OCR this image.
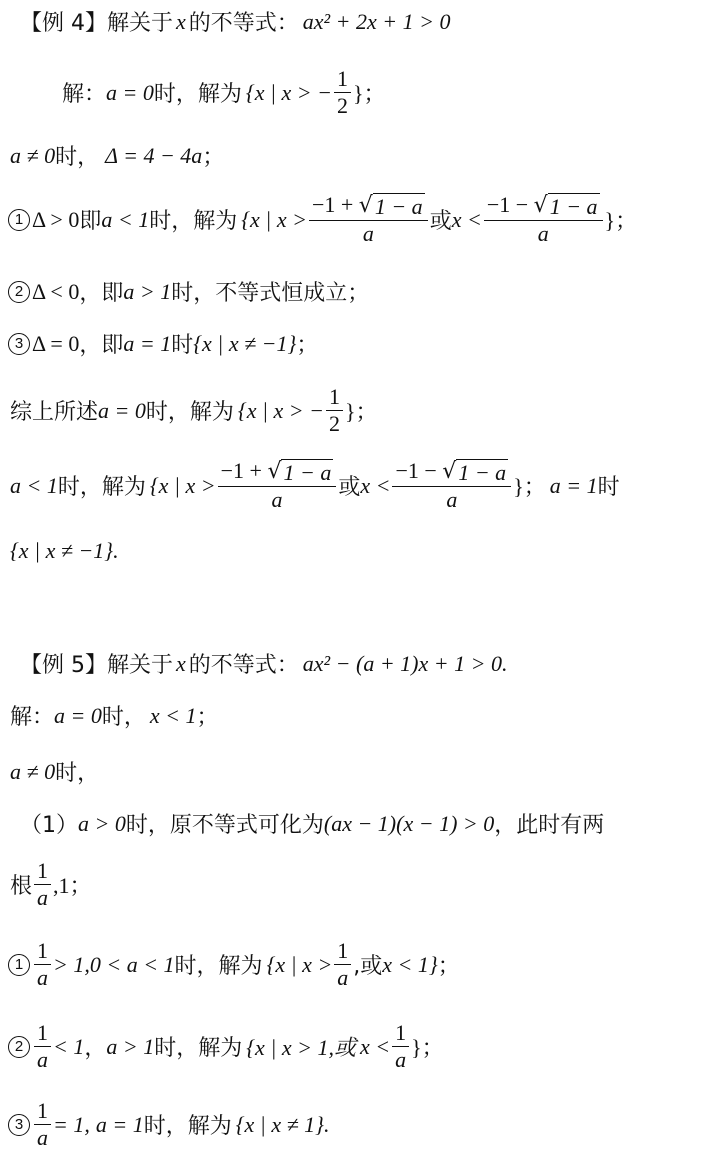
【例 4】解关于 x 的不等式： ax² + 2x + 1 > 0
解： a = 0 时，解为 {x | x > − $\frac{1}{2}$ }；
a ≠ 0 时， Δ = 4 − 4a ；
1 Δ > 0 即 a < 1 时，解为 {x | $x > \frac{-1 + √ 1 - a}{a}$ 或 $x < \frac{-1 - √ 1 - a}{a}$ }；
2 Δ < 0 ，即 a > 1 时，不等式恒成立；
3 Δ = 0 ，即 a = 1 时 {x | x ≠ −1} ；
综上所述 a = 0 时，解为 {x | x > − $\frac{1}{2}$ }；
a < 1 时，解为 {x | $x > \frac{-1 + √ 1 - a}{a}$ 或 $x < \frac{-1 - √ 1 - a}{a}$ }； a = 1 时
{x | x ≠ −1}.
【例 5】解关于 x 的不等式： ax² − (a + 1)x + 1 > 0.
解： a = 0 时， x < 1 ；
a ≠ 0 时，
（1） a > 0 时，原不等式可化为 (ax − 1)(x − 1) > 0 ，此时有两
根 $\frac{1}{a} ,1$；
$1 \frac{1}{a} > 1,0 < a < 1$ 时，解为 {x | $x > \frac{1}{a}$ ,或 x < 1} ；
$2 \frac{1}{a} < 1$ ， a > 1 时，解为 {x | x > 1,或 $x < \frac{1}{a}$ }；
$3 \frac{1}{a} = 1$, a = 1 时，解为 {x | x ≠ 1}.
